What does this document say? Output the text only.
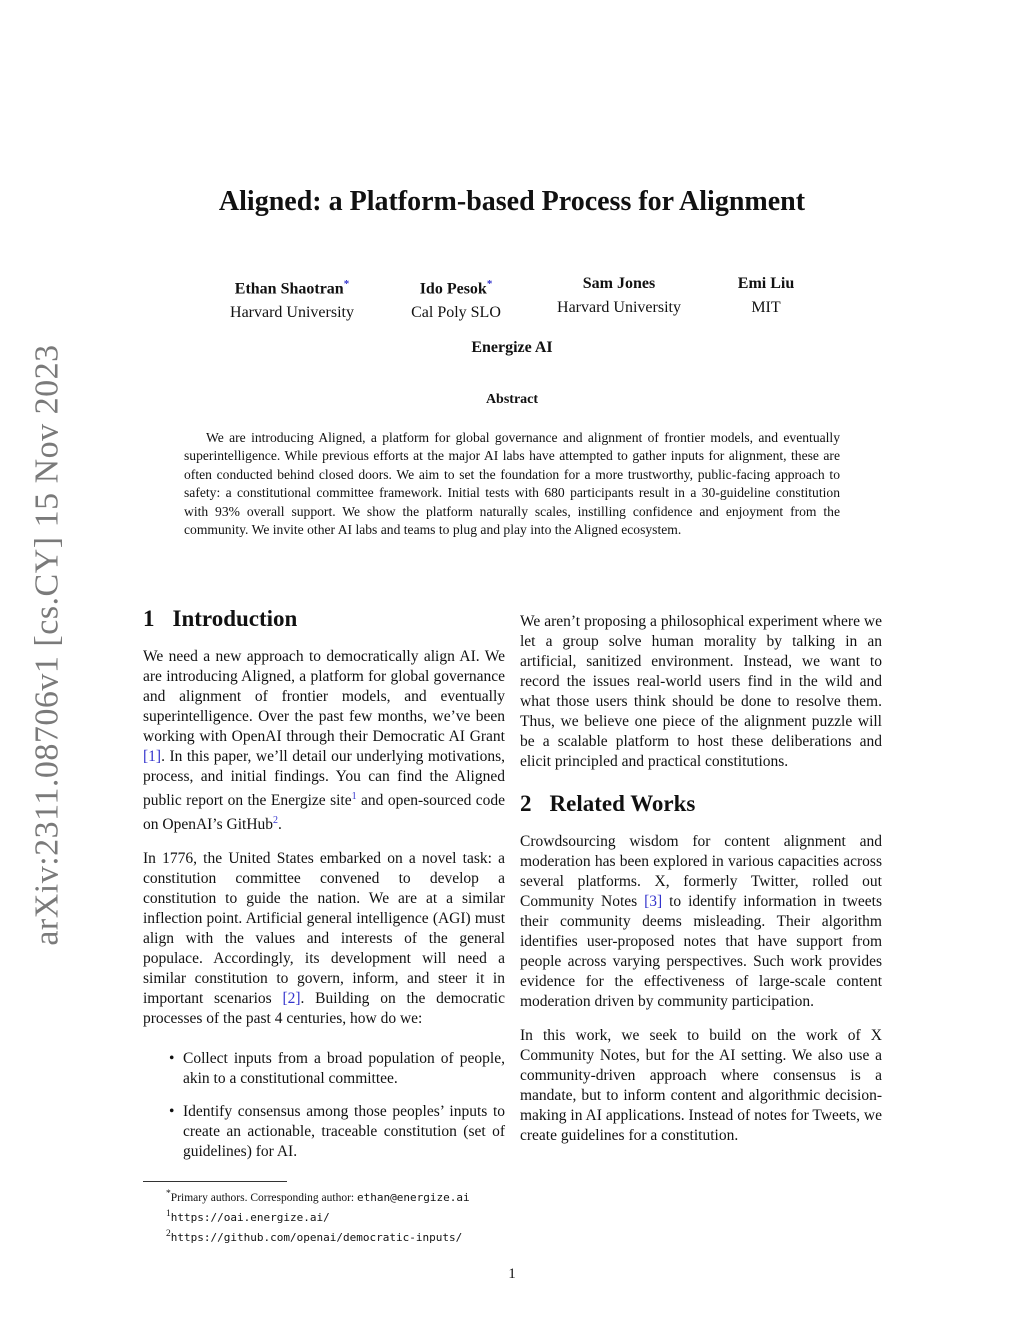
arXiv:2311.08706v1 [cs.CY] 15 Nov 2023
Aligned: a Platform-based Process for Alignment
Ethan Shaotran*
Harvard University
Ido Pesok*
Cal Poly SLO
Sam Jones
Harvard University
Emi Liu
MIT
Energize AI
Abstract

We are introducing Aligned, a platform for global governance and alignment of frontier models, and eventually superintelligence. While previous efforts at the major AI labs have attempted to gather inputs for alignment, these are often conducted behind closed doors. We aim to set the foundation for a more trustworthy, public-facing approach to safety: a constitutional committee framework. Initial tests with 680 participants result in a 30-guideline constitution with 93% overall support. We show the platform naturally scales, instilling confidence and enjoyment from the community. We invite other AI labs and teams to plug and play into the Aligned ecosystem.

1 Introduction

We need a new approach to democratically align AI. We are introducing Aligned, a platform for global governance and alignment of frontier models, and eventually superintelligence. Over the past few months, we’ve been working with OpenAI through their Democratic AI Grant [1]. In this paper, we’ll detail our underlying motivations, process, and initial findings. You can find the Aligned public report on the Energize site$^1$ and open-sourced code on OpenAI’s GitHub$^2$.

In 1776, the United States embarked on a novel task: a constitution committee convened to develop a constitution to guide the nation. We are at a similar inflection point. Artificial general intelligence (AGI) must align with the values and interests of the general populace. Accordingly, its development will need a similar constitution to govern, inform, and steer it in important scenarios [2]. Building on the democratic processes of the past 4 centuries, how do we:

• Collect inputs from a broad population of people, akin to a constitutional committee.
• Identify consensus among those peoples’ inputs to create an actionable, traceable constitution (set of guidelines) for AI.

We aren’t proposing a philosophical experiment where we let a group solve human morality by talking in an artificial, sanitized environment. Instead, we want to record the issues real-world users find in the wild and what those users think should be done to resolve them. Thus, we believe one piece of the alignment puzzle will be a scalable platform to host these deliberations and elicit principled and practical constitutions.

2 Related Works

Crowdsourcing wisdom for content alignment and moderation has been explored in various capacities across several platforms. X, formerly Twitter, rolled out Community Notes [3] to identify information in tweets their community deems misleading. Their algorithm identifies user-proposed notes that have support from people across varying perspectives. Such work provides evidence for the effectiveness of large-scale content moderation driven by community participation.

In this work, we seek to build on the work of X Community Notes, but for the AI setting. We also use a community-driven approach where consensus is a mandate, but to inform content and algorithmic decision-making in AI applications. Instead of notes for Tweets, we create guidelines for a constitution.

*Primary authors. Corresponding author: ethan@energize.ai
$^1$https://oai.energize.ai/
$^2$https://github.com/openai/democratic-inputs/
1
